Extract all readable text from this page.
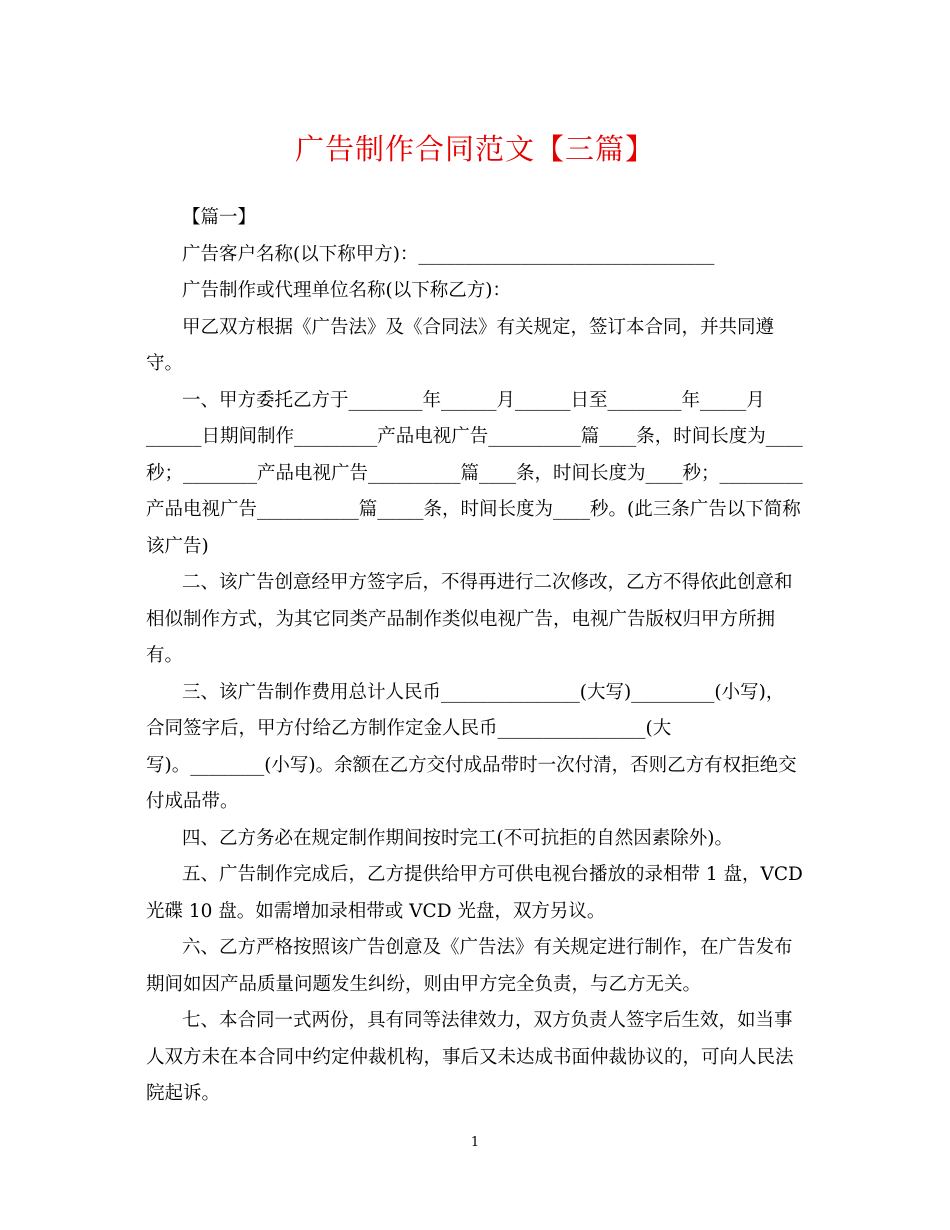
广告制作合同范文【三篇】
【篇一】
广告客户名称(以下称甲方)：________________________________
广告制作或代理单位名称(以下称乙方)：
甲乙双方根据《广告法》及《合同法》有关规定，签订本合同，并共同遵
守。
一、甲方委托乙方于________年______月______日至________年_____月
______日期间制作_________产品电视广告__________篇____条，时间长度为____
秒；________产品电视广告__________篇____条，时间长度为____秒；_________
产品电视广告___________篇_____条，时间长度为____秒。(此三条广告以下简称
该广告)
二、该广告创意经甲方签字后，不得再进行二次修改，乙方不得依此创意和
相似制作方式，为其它同类产品制作类似电视广告，电视广告版权归甲方所拥
有。
三、该广告制作费用总计人民币_______________(大写)_________(小写)，
合同签字后，甲方付给乙方制作定金人民币________________(大
写)。________(小写)。余额在乙方交付成品带时一次付清，否则乙方有权拒绝交
付成品带。
四、乙方务必在规定制作期间按时完工(不可抗拒的自然因素除外)。
五、广告制作完成后，乙方提供给甲方可供电视台播放的录相带 1 盘，VCD
光碟 10 盘。如需增加录相带或 VCD 光盘，双方另议。
六、乙方严格按照该广告创意及《广告法》有关规定进行制作，在广告发布
期间如因产品质量问题发生纠纷，则由甲方完全负责，与乙方无关。
七、本合同一式两份，具有同等法律效力，双方负责人签字后生效，如当事
人双方未在本合同中约定仲裁机构，事后又未达成书面仲裁协议的，可向人民法
院起诉。
1
